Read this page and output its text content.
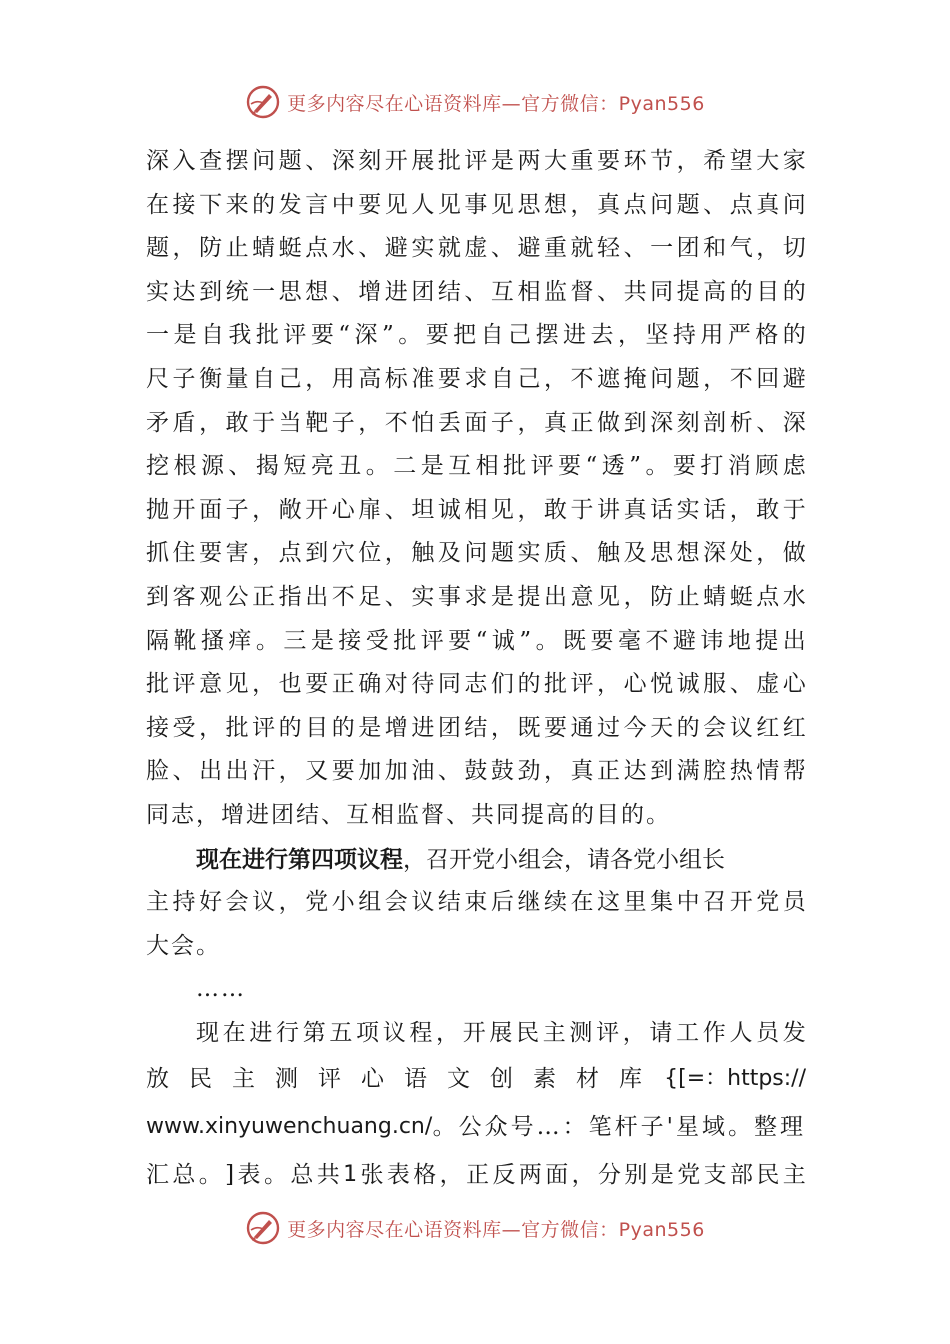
更多内容尽在心语资料库—官方微信：Pyan556
深 入 查 摆 问 题 、 深 刻 开 展 批 评 是 两 大 重 要 环 节 ， 希 望 大 家
在 接 下 来 的 发 言 中 要 见 人 见 事 见 思 想 ， 真 点 问 题 、 点 真 问
题 ， 防 止 蜻 蜓 点 水 、 避 实 就 虚 、 避 重 就 轻 、 一 团 和 气 ， 切
实 达 到 统 一 思 想 、 增 进 团 结 、 互 相 监 督 、 共 同 提 高 的 目 的
一 是 自 我 批 评 要 “ 深 ” 。 要 把 自 己 摆 进 去 ， 坚 持 用 严 格 的
尺 子 衡 量 自 己 ， 用 高 标 准 要 求 自 己 ， 不 遮 掩 问 题 ， 不 回 避
矛 盾 ， 敢 于 当 靶 子 ， 不 怕 丢 面 子 ， 真 正 做 到 深 刻 剖 析 、 深
挖 根 源 、 揭 短 亮 丑 。 二 是 互 相 批 评 要 “ 透 ” 。 要 打 消 顾 虑
抛 开 面 子 ， 敞 开 心 扉 、 坦 诚 相 见 ， 敢 于 讲 真 话 实 话 ， 敢 于
抓 住 要 害 ， 点 到 穴 位 ， 触 及 问 题 实 质 、 触 及 思 想 深 处 ， 做
到 客 观 公 正 指 出 不 足 、 实 事 求 是 提 出 意 见 ， 防 止 蜻 蜓 点 水
隔 靴 搔 痒 。 三 是 接 受 批 评 要 “ 诚 ” 。 既 要 毫 不 避 讳 地 提 出
批 评 意 见 ， 也 要 正 确 对 待 同 志 们 的 批 评 ， 心 悦 诚 服 、 虚 心
接 受 ， 批 评 的 目 的 是 增 进 团 结 ， 既 要 通 过 今 天 的 会 议 红 红
脸 、 出 出 汗 ， 又 要 加 加 油 、 鼓 鼓 劲 ， 真 正 达 到 满 腔 热 情 帮
同志，增进团结、互相监督、共同提高的目的。
现在进行第四项议程，召开党小组会，请各党小组长
主 持 好 会 议 ， 党 小 组 会 议 结 束 后 继 续 在 这 里 集 中 召 开 党 员
大会。
……
现 在 进 行 第 五 项 议 程 ， 开 展 民 主 测 评 ， 请 工 作 人 员 发
放 民 主 测 评 心 语 文 创 素 材 库 {[=：https://
www.xinyuwenchuang.cn/ 。公众号…：笔杆子'星域。整理
汇 总 。 ] 表 。 总 共 1 张 表 格 ， 正 反 两 面 ， 分 别 是 党 支 部 民 主
更多内容尽在心语资料库—官方微信：Pyan556
